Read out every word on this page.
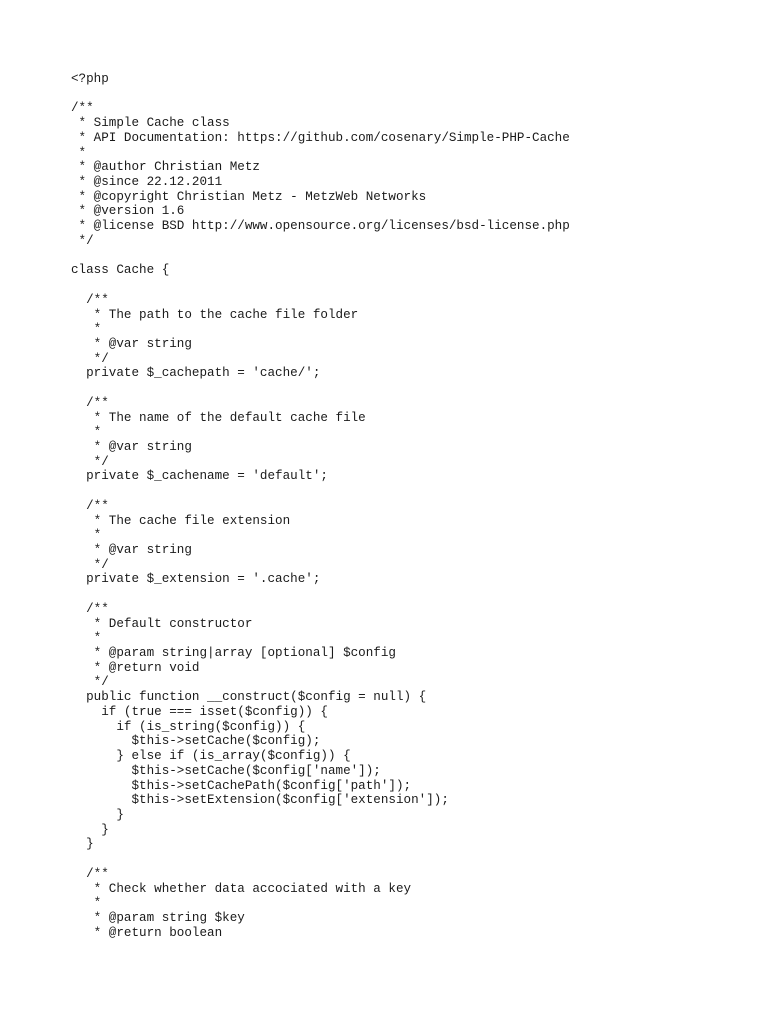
<?php
/**
* Simple Cache class
* API Documentation: https://github.com/cosenary/Simple-PHP-Cache
*
* @author Christian Metz
* @since 22.12.2011
* @copyright Christian Metz - MetzWeb Networks
* @version 1.6
* @license BSD http://www.opensource.org/licenses/bsd-license.php
*/
class Cache {
/**
* The path to the cache file folder
*
* @var string
*/
private $_cachepath = 'cache/';
/**
* The name of the default cache file
*
* @var string
*/
private $_cachename = 'default';
/**
* The cache file extension
*
* @var string
*/
private $_extension = '.cache';
/**
* Default constructor
*
* @param string|array [optional] $config
* @return void
*/
public function __construct($config = null) {
if (true === isset($config)) {
if (is_string($config)) {
$this->setCache($config);
} else if (is_array($config)) {
$this->setCache($config['name']);
$this->setCachePath($config['path']);
$this->setExtension($config['extension']);
}
}
}
/**
* Check whether data accociated with a key
*
* @param string $key
* @return boolean
